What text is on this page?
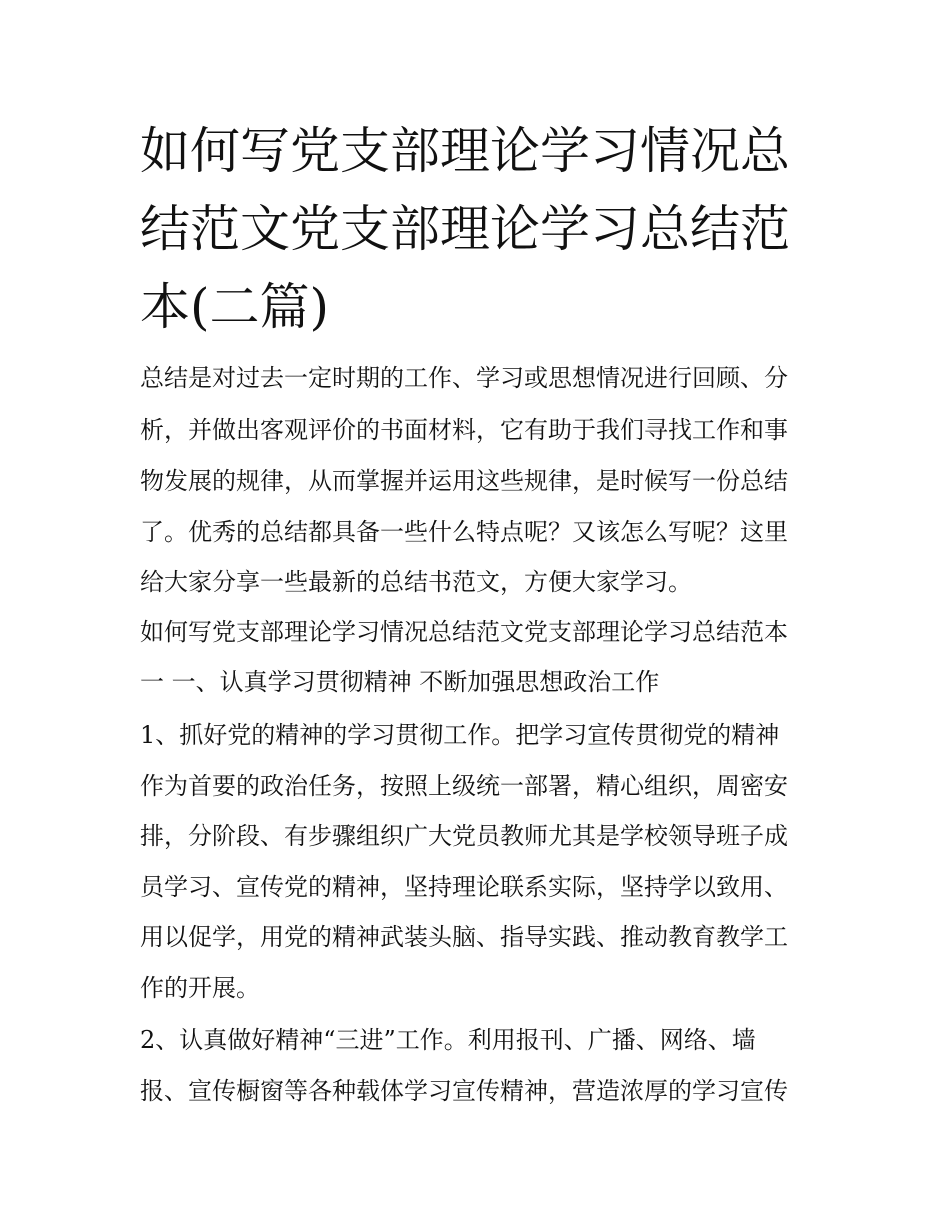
如何写党支部理论学习情况总
结范文党支部理论学习总结范
本(二篇)

总结是对过去一定时期的工作、学习或思想情况进行回顾、分

析，并做出客观评价的书面材料，它有助于我们寻找工作和事

物发展的规律，从而掌握并运用这些规律，是时候写一份总结

了。优秀的总结都具备一些什么特点呢？又该怎么写呢？这里

给大家分享一些最新的总结书范文，方便大家学习。

如何写党支部理论学习情况总结范文党支部理论学习总结范本

一 一、认真学习贯彻精神 不断加强思想政治工作

1、抓好党的精神的学习贯彻工作。把学习宣传贯彻党的精神

作为首要的政治任务，按照上级统一部署，精心组织，周密安

排，分阶段、有步骤组织广大党员教师尤其是学校领导班子成

员学习、宣传党的精神，坚持理论联系实际，坚持学以致用、

用以促学，用党的精神武装头脑、指导实践、推动教育教学工

作的开展。

2、认真做好精神“三进”工作。利用报刊、广播、网络、墙

报、宣传橱窗等各种载体学习宣传精神，营造浓厚的学习宣传
